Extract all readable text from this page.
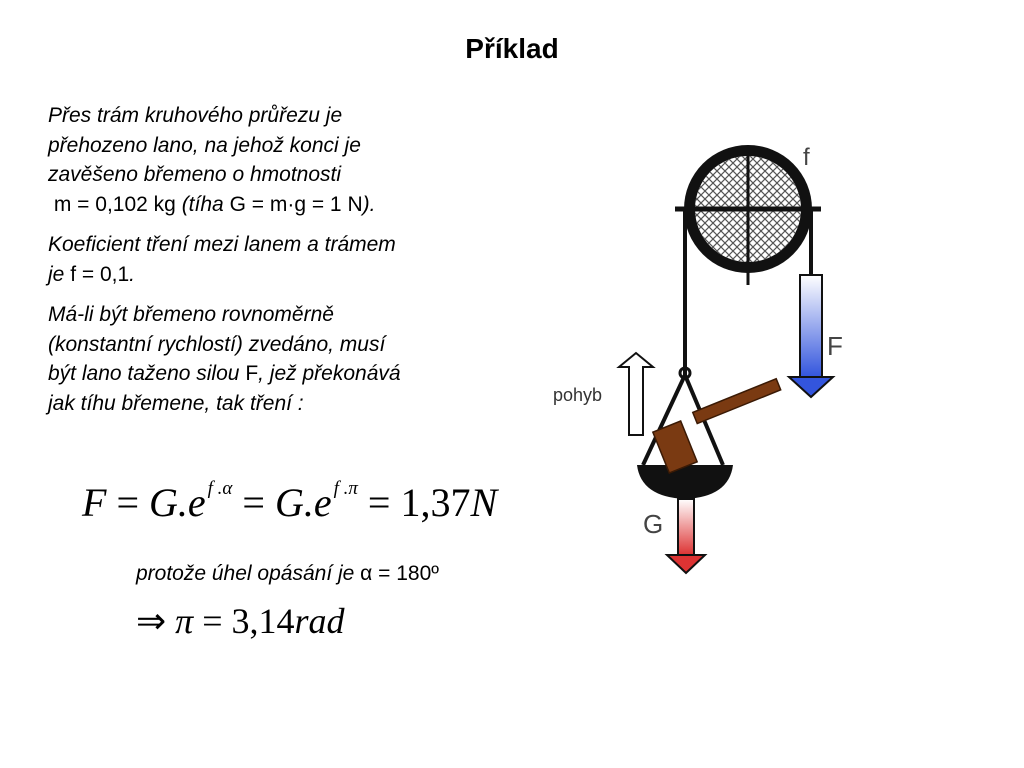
Příklad
Přes trám kruhového průřezu je
přehozeno lano, na jehož konci je
zavěšeno břemeno o hmotnosti
m = 0,102 kg (tíha G = m·g = 1 N).
Koeficient tření mezi lanem a trámem
je f = 0,1.
Má-li být břemeno rovnoměrně
(konstantní rychlostí) zvedáno, musí
být lano taženo silou F, jež překonává
jak tíhu břemene, tak tření :
F = G.e $^{f .\alpha}$ = G.e $^{f .\pi}$ = 1,37N
protože úhel opásání je α = 180º
⇒ π = 3,14rad
f
F
G
pohyb
